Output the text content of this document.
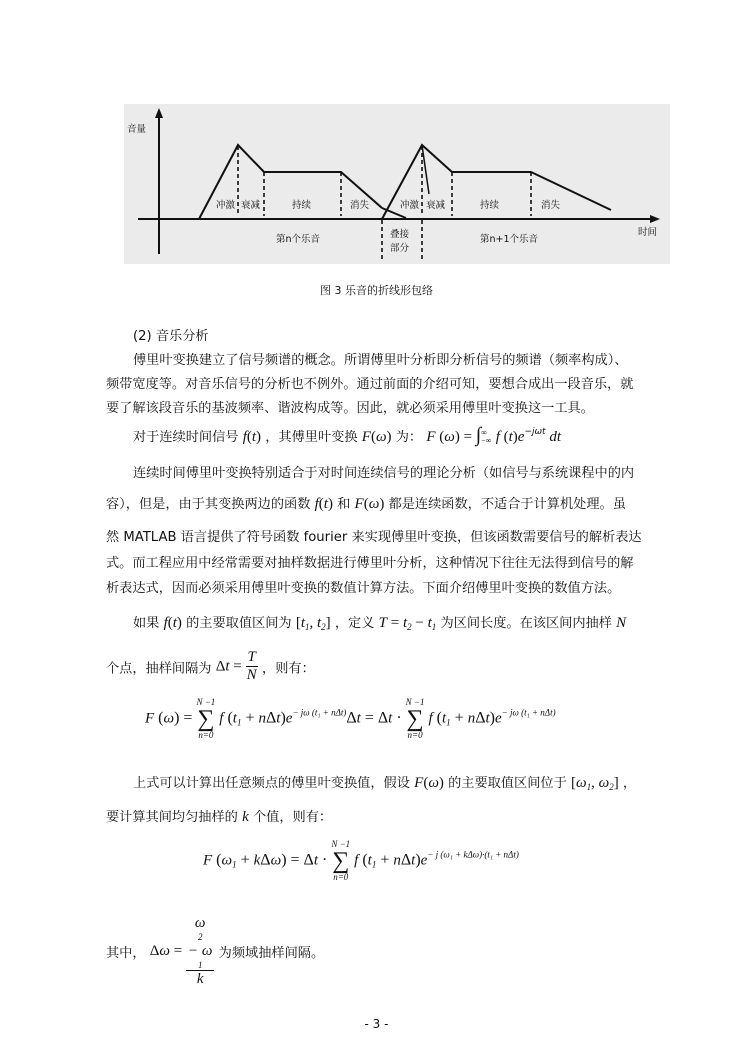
音量
时间
冲激 衰减	持续	消失	冲激 衰减	持续	消失
第n个乐音	叠接
部分
第n+1个乐音
图 3 乐音的折线形包络
(2) 音乐分析
傅里叶变换建立了信号频谱的概念。所谓傅里叶分析即分析信号的频谱（频率构成）、
频带宽度等。对音乐信号的分析也不例外。通过前面的介绍可知，要想合成出一段音乐，就
要了解该段音乐的基波频率、谐波构成等。因此，就必须采用傅里叶变换这一工具。
对于连续时间信号 f(t) ，其傅里叶变换 F(ω) 为： F (ω) = ∫ ∞
−∞ f $(t)e^{-j\omega t}$ dt
连续时间傅里叶变换特别适合于对时间连续信号的理论分析（如信号与系统课程中的内
容），但是，由于其变换两边的函数 f(t) 和 F(ω) 都是连续函数，不适合于计算机处理。虽
然 MATLAB 语言提供了符号函数 fourier 来实现傅里叶变换，但该函数需要信号的解析表达
式。而工程应用中经常需要对抽样数据进行傅里叶分析，这种情况下往往无法得到信号的解
析表达式，因而必须采用傅里叶变换的数值计算方法。下面介绍傅里叶变换的数值方法。
如果 f(t) 的主要取值区间为 [$t_1$, $t_2$] ，定义 $T = t_2 - t_1$ 为区间长度。在该区间内抽样 N
个点，抽样间隔为 $\Delta t = \frac{T}{N}$ ，则有：
F (ω) =
N −1
∑
n=0
f $(t_1 + n\Delta t)e^{- j\omega (t_1 + n\Delta t)}\Delta t = \Delta t$ ·
N −1
∑
n=0
f $(t_1 + n\Delta t)e^{- j\omega (t_1 + n\Delta t)}$
上式可以计算出任意频点的傅里叶变换值，假设 F(ω) 的主要取值区间位于 [$\omega_1$, $\omega_2$] ，
要计算其间均匀抽样的 k 个值，则有：
F $(\omega_1 + k\Delta\omega) = \Delta t$ ·
N −1
∑
n=0
f $(t_1 + n\Delta t)e^{- j (\omega_1 + k\Delta\omega)\cdot(t_1 + n\Delta t)}$
其中， Δω = ω
2
− ω
1
k 为频域抽样间隔。
- 3 -
